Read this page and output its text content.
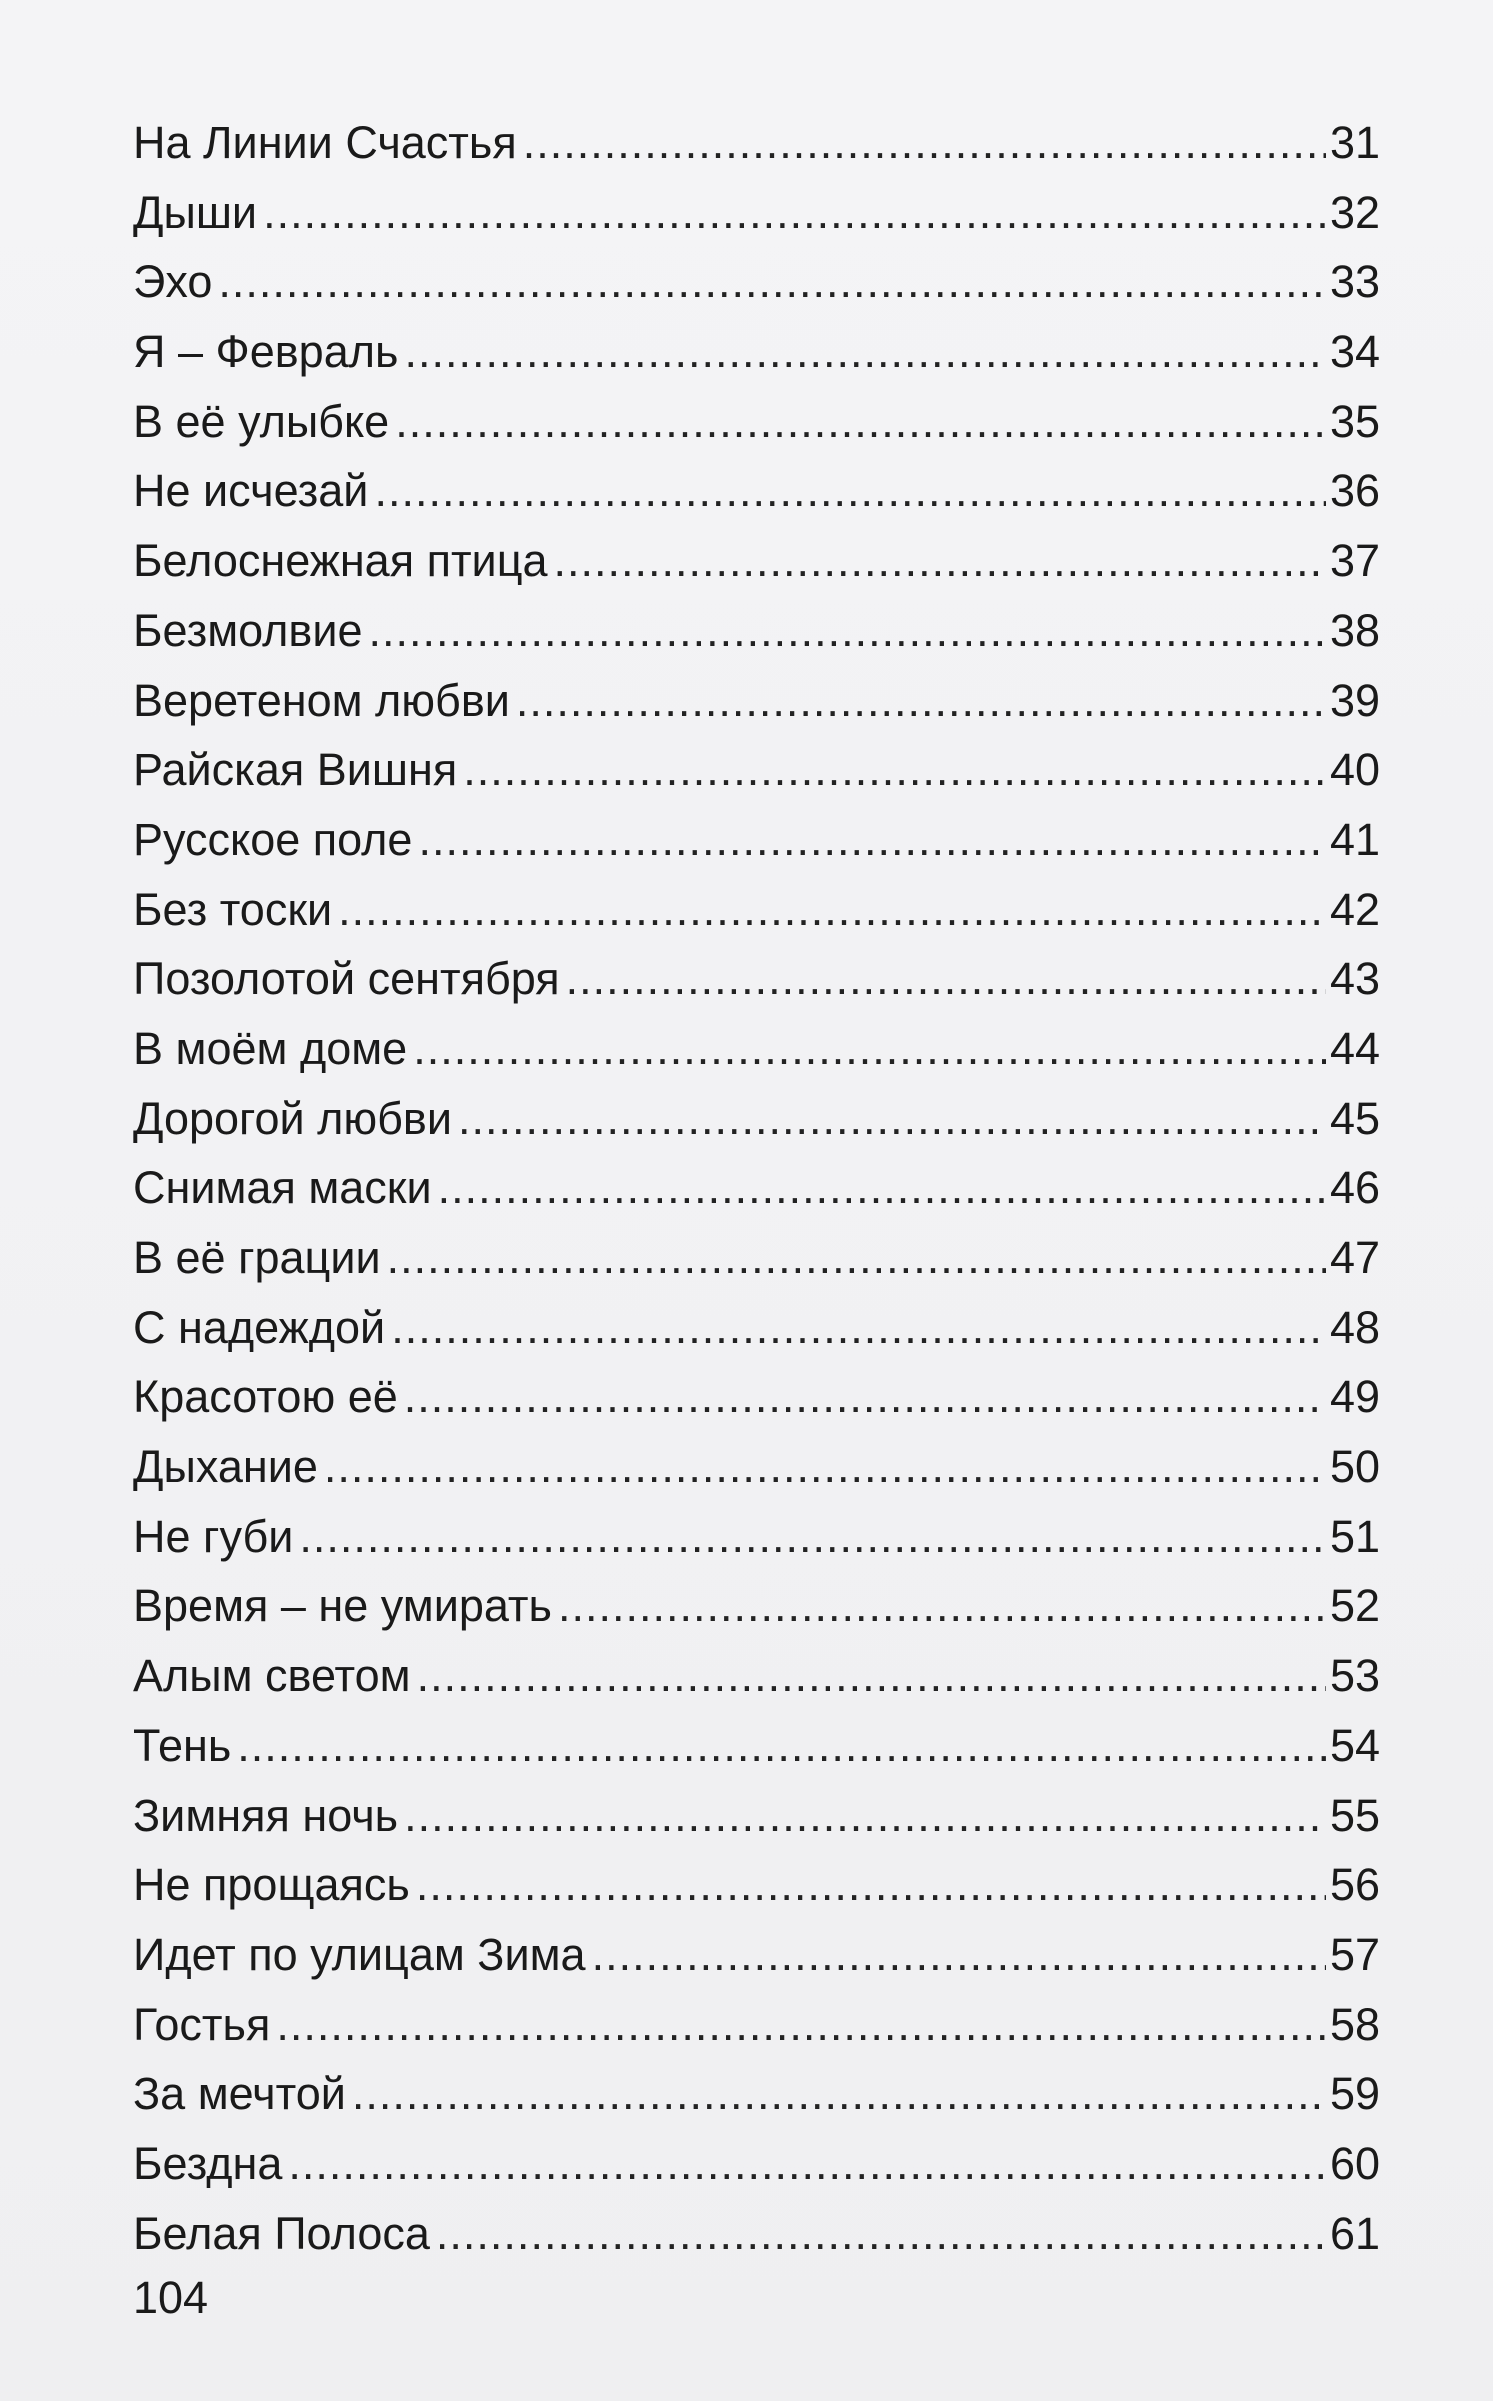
На Линии Счастья .....	31
Дыши .....	32
Эхо .....	33
Я – Февраль .....	34
В её улыбке .....	35
Не исчезай .....	36
Белоснежная птица .....	37
Безмолвие .....	38
Веретеном любви .....	39
Райская Вишня .....	40
Русское поле .....	41
Без тоски .....	42
Позолотой сентября .....	43
В моём доме .....	44
Дорогой любви .....	45
Снимая маски .....	46
В её грации .....	47
С надеждой .....	48
Красотою её .....	49
Дыхание .....	50
Не губи .....	51
Время – не умирать .....	52
Алым светом .....	53
Тень .....	54
Зимняя ночь .....	55
Не прощаясь .....	56
Идет по улицам Зима .....	57
Гостья .....	58
За мечтой .....	59
Бездна .....	60
Белая Полоса .....	61
104
